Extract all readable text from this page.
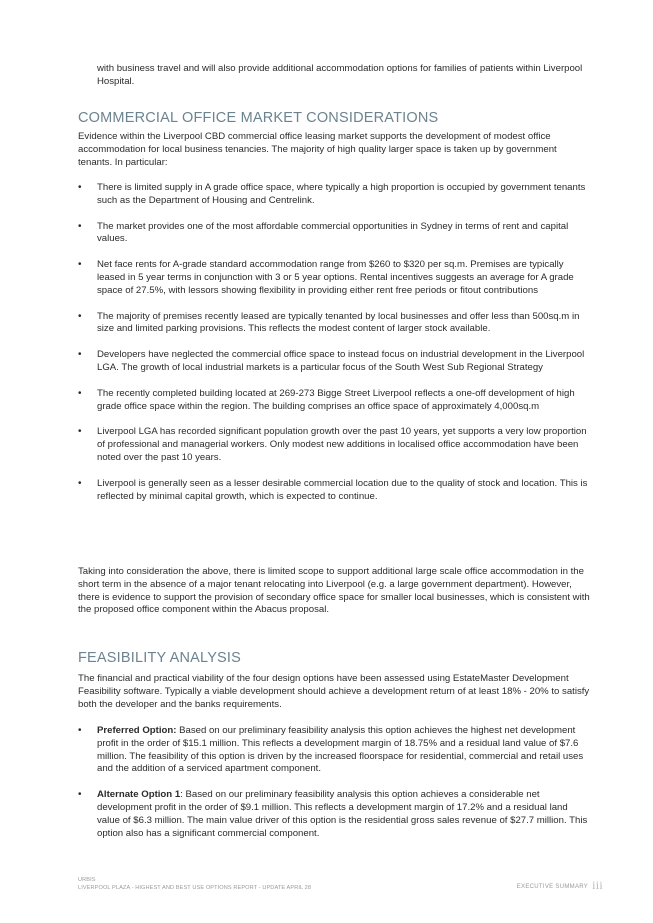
with business travel and will also provide additional accommodation options for families of patients within Liverpool Hospital.

COMMERCIAL OFFICE MARKET CONSIDERATIONS

Evidence within the Liverpool CBD commercial office leasing market supports the development of modest office accommodation for local business tenancies. The majority of high quality larger space is taken up by government tenants. In particular:

• There is limited supply in A grade office space, where typically a high proportion is occupied by government tenants such as the Department of Housing and Centrelink.
• The market provides one of the most affordable commercial opportunities in Sydney in terms of rent and capital values.
• Net face rents for A-grade standard accommodation range from $260 to $320 per sq.m. Premises are typically leased in 5 year terms in conjunction with 3 or 5 year options. Rental incentives suggests an average for A grade space of 27.5%, with lessors showing flexibility in providing either rent free periods or fitout contributions
• The majority of premises recently leased are typically tenanted by local businesses and offer less than 500sq.m in size and limited parking provisions. This reflects the modest content of larger stock available.
• Developers have neglected the commercial office space to instead focus on industrial development in the Liverpool LGA. The growth of local industrial markets is a particular focus of the South West Sub Regional Strategy
• The recently completed building located at 269-273 Bigge Street Liverpool reflects a one-off development of high grade office space within the region. The building comprises an office space of approximately 4,000sq.m
• Liverpool LGA has recorded significant population growth over the past 10 years, yet supports a very low proportion of professional and managerial workers. Only modest new additions in localised office accommodation have been noted over the past 10 years.
• Liverpool is generally seen as a lesser desirable commercial location due to the quality of stock and location. This is reflected by minimal capital growth, which is expected to continue.

Taking into consideration the above, there is limited scope to support additional large scale office accommodation in the short term in the absence of a major tenant relocating into Liverpool (e.g. a large government department). However, there is evidence to support the provision of secondary office space for smaller local businesses, which is consistent with the proposed office component within the Abacus proposal.

FEASIBILITY ANALYSIS

The financial and practical viability of the four design options have been assessed using EstateMaster Development Feasibility software. Typically a viable development should achieve a development return of at least 18% - 20% to satisfy both the developer and the banks requirements.

• Preferred Option: Based on our preliminary feasibility analysis this option achieves the highest net development profit in the order of $15.1 million. This reflects a development margin of 18.75% and a residual land value of $7.6 million. The feasibility of this option is driven by the increased floorspace for residential, commercial and retail uses and the addition of a serviced apartment component.
• Alternate Option 1: Based on our preliminary feasibility analysis this option achieves a considerable net development profit in the order of $9.1 million. This reflects a development margin of 17.2% and a residual land value of $6.3 million. The main value driver of this option is the residential gross sales revenue of $27.7 million. This option also has a significant commercial component.
URBIS
LIVERPOOL PLAZA - HIGHEST AND BEST USE OPTIONS REPORT - UPDATE APRIL 28	EXECUTIVE SUMMARY iii
